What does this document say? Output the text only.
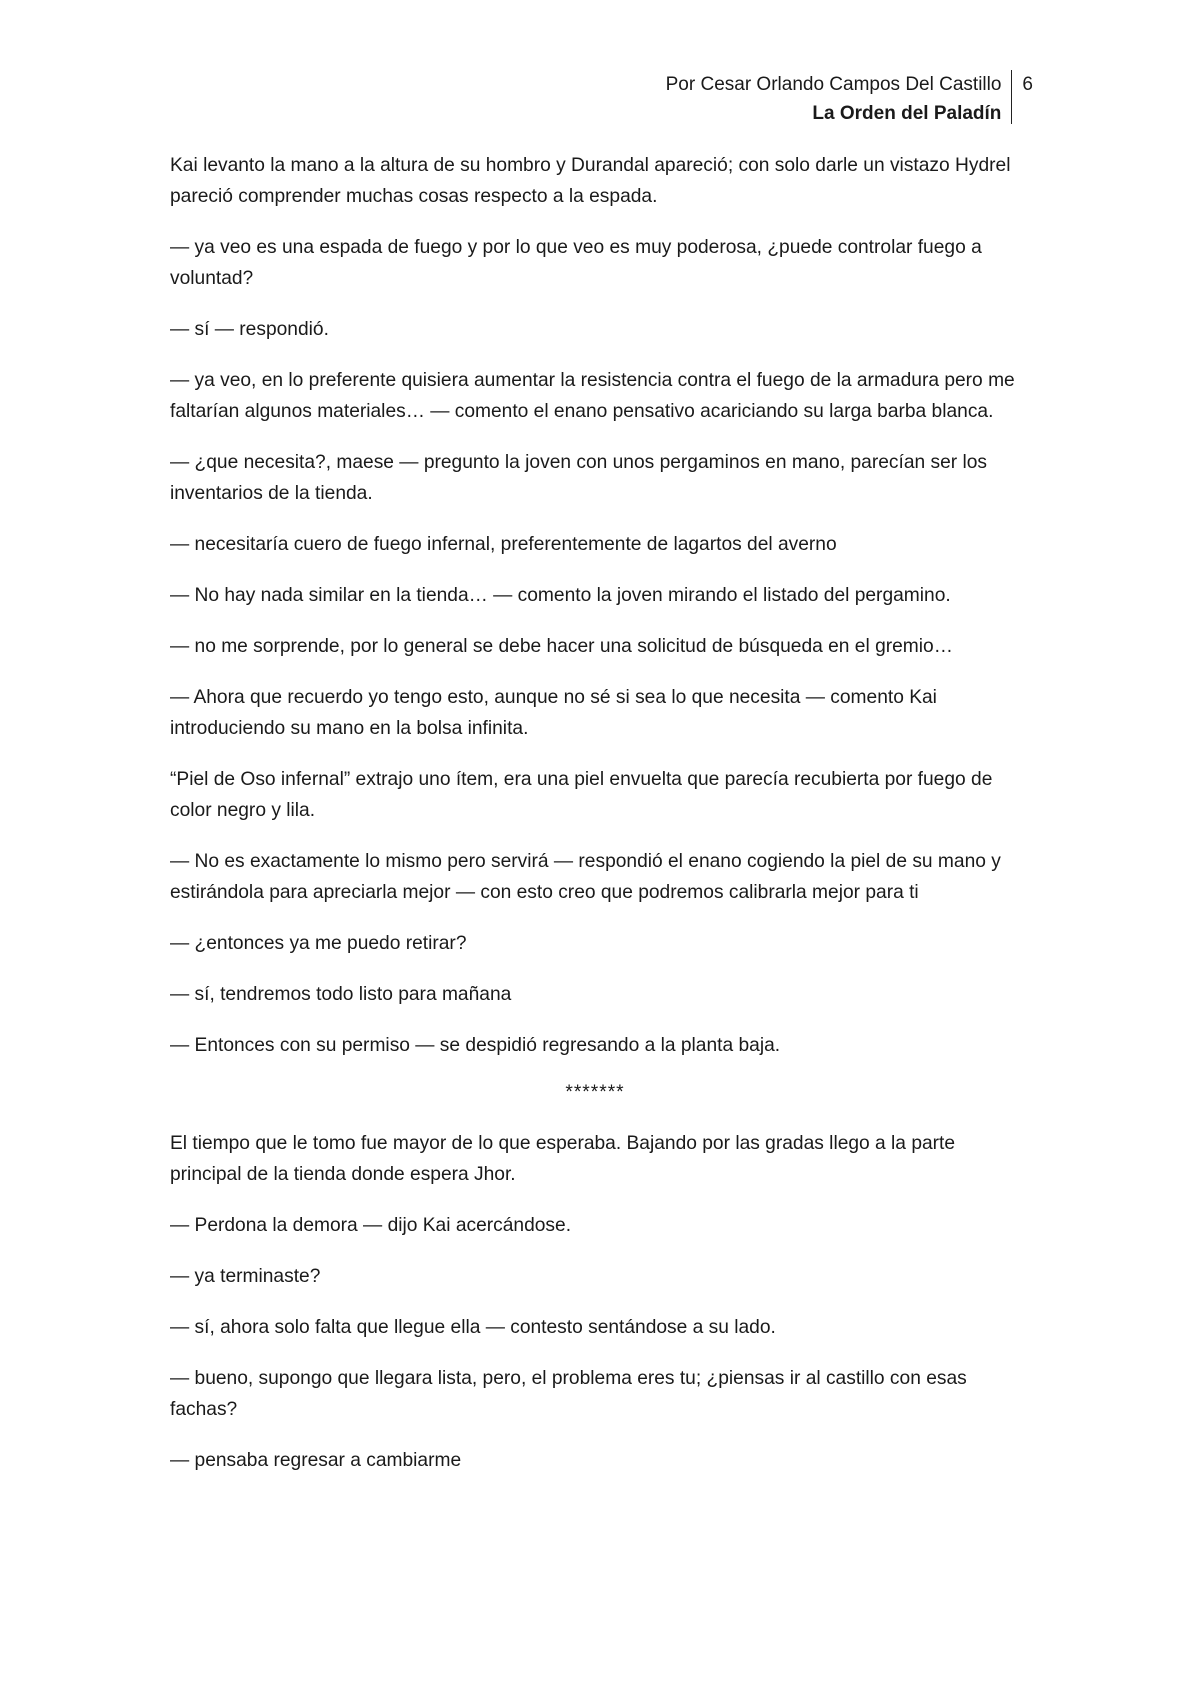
Por Cesar Orlando Campos Del Castillo
La Orden del Paladín
6

Kai levanto la mano a la altura de su hombro y Durandal apareció; con solo darle un vistazo Hydrel pareció comprender muchas cosas respecto a la espada.

— ya veo es una espada de fuego y por lo que veo es muy poderosa, ¿puede controlar fuego a voluntad?

— sí — respondió.

— ya veo, en lo preferente quisiera aumentar la resistencia contra el fuego de la armadura pero me faltarían algunos materiales… — comento el enano pensativo acariciando su larga barba blanca.

— ¿que necesita?, maese — pregunto la joven con unos pergaminos en mano, parecían ser los inventarios de la tienda.

— necesitaría cuero de fuego infernal, preferentemente de lagartos del averno

— No hay nada similar en la tienda… — comento la joven mirando el listado del pergamino.

— no me sorprende, por lo general se debe hacer una solicitud de búsqueda en el gremio…

— Ahora que recuerdo yo tengo esto, aunque no sé si sea lo que necesita — comento Kai introduciendo su mano en la bolsa infinita.

“Piel de Oso infernal” extrajo uno ítem, era una piel envuelta que parecía recubierta por fuego de color negro y lila.

— No es exactamente lo mismo pero servirá — respondió el enano cogiendo la piel de su mano y estirándola para apreciarla mejor — con esto creo que podremos calibrarla mejor para ti

— ¿entonces ya me puedo retirar?

— sí, tendremos todo listo para mañana

— Entonces con su permiso — se despidió regresando a la planta baja.

*******

El tiempo que le tomo fue mayor de lo que esperaba. Bajando por las gradas llego a la parte principal de la tienda donde espera Jhor.

— Perdona la demora — dijo Kai acercándose.

— ya terminaste?

— sí, ahora solo falta que llegue ella — contesto sentándose a su lado.

— bueno, supongo que llegara lista, pero, el problema eres tu; ¿piensas ir al castillo con esas fachas?

— pensaba regresar a cambiarme
